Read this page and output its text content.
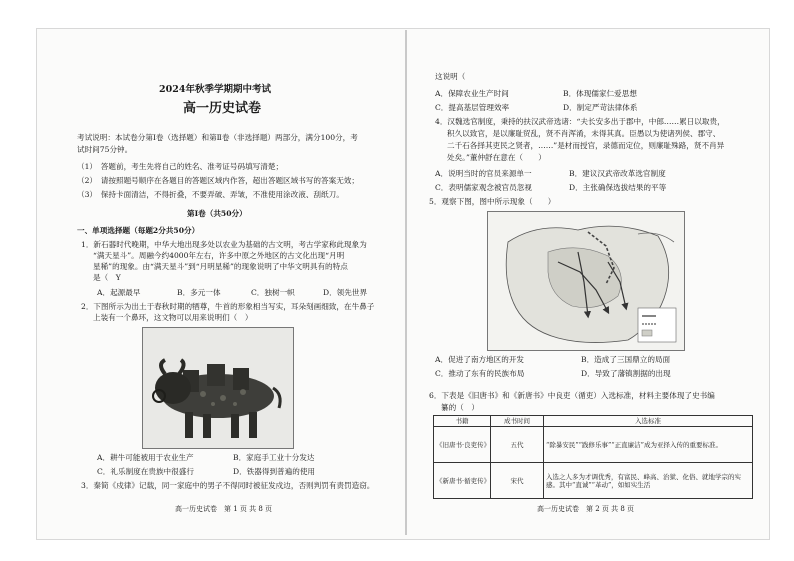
2024年秋季学期期中考试
高一历史试卷
考试说明：本试卷分第Ⅰ卷（选择题）和第Ⅱ卷（非选择题）两部分，满分100分，考
试时间75分钟。
（1）　答题前，考生先将自己的姓名、准考证号码填写清楚；
（2）　请按照题号顺序在各题目的答题区域内作答，超出答题区域书写的答案无效；
（3）　保持卡面清洁，不得折叠，不要弄破、弄皱，不准使用涂改液、刮纸刀。
第Ⅰ卷（共50分）
一、单项选择题（每题2分共50分）
1．新石器时代晚期，中华大地出现多处以农业为基础的古文明，考古学家称此现象为
“满天星斗”。周融今约4000年左右，许多中原之外地区的古文化出现“月明
星稀”的现象。由“满天星斗”到“月明星稀”的现象说明了中华文明具有的特点
是（　Y
A．起源最早	B．多元一体	C．独树一帜	D．领先世界
2．下图所示为出土于春秋时期的牺尊，牛首的形象相当写实，耳朵刻画细致，在牛鼻子
上装有一个鼻环，这文物可以用来说明们（　）
A．耕牛可能被用于农业生产	B．家庭手工业十分发达
C．礼乐制度在贵族中很盛行	D．铁器得到普遍的使用
3．秦简《戍律》记载，同一家庭中的男子不得同时被征发戍边，否则判罚有责罚造窃。
高一历史试卷　第 1 页 共 8 页
这说明（
A．保障农业生产时间	B．体现儒家仁爱思想
C．提高基层管理效率	D．制定严苛法律体系
4．汉魏选官制度，秉持的扶汉武帝选诸：“夫长安多出于郡中，中郎……累日以取贵，
积久以致官，是以廉耻贸乱，贤不肖浑淆，未得其真。臣愚以为使诸列侯、郡守、
二千石各择其吏民之贤者，……”是材而授官，录德而定位，则廉耻殊路，贤不肖异
处矣。”董仲舒在意在（　　）
A．说明当时的官员来源单一	B．建议汉武帝改革选官制度
C．表明儒家观念被官员忽视	D．主张确保选拔结果的平等
5．观察下图，图中所示现象（　　）
A．促进了南方地区的开发	B．造成了三国鼎立的局面
C．推动了东有的民族布局	D．导致了藩镇割据的出现
6．下表是《旧唐书》和《新唐书》中良吏（循吏）入选标准，材料主要体现了史书编
纂的（　）
书籍	成书时间	入选标准
《旧唐书·良吏传》	五代	“除暴安民”“践修乐事”“正直廉洁”成为亚择入传的重要标准。
《新唐书·循吏传》	宋代	入选之人多为才调优秀，有富民、峰高、治狱、化俗、就地学宗的实感。其中“直诚”“革动”，如如实生活
高一历史试卷　第 2 页 共 8 页
